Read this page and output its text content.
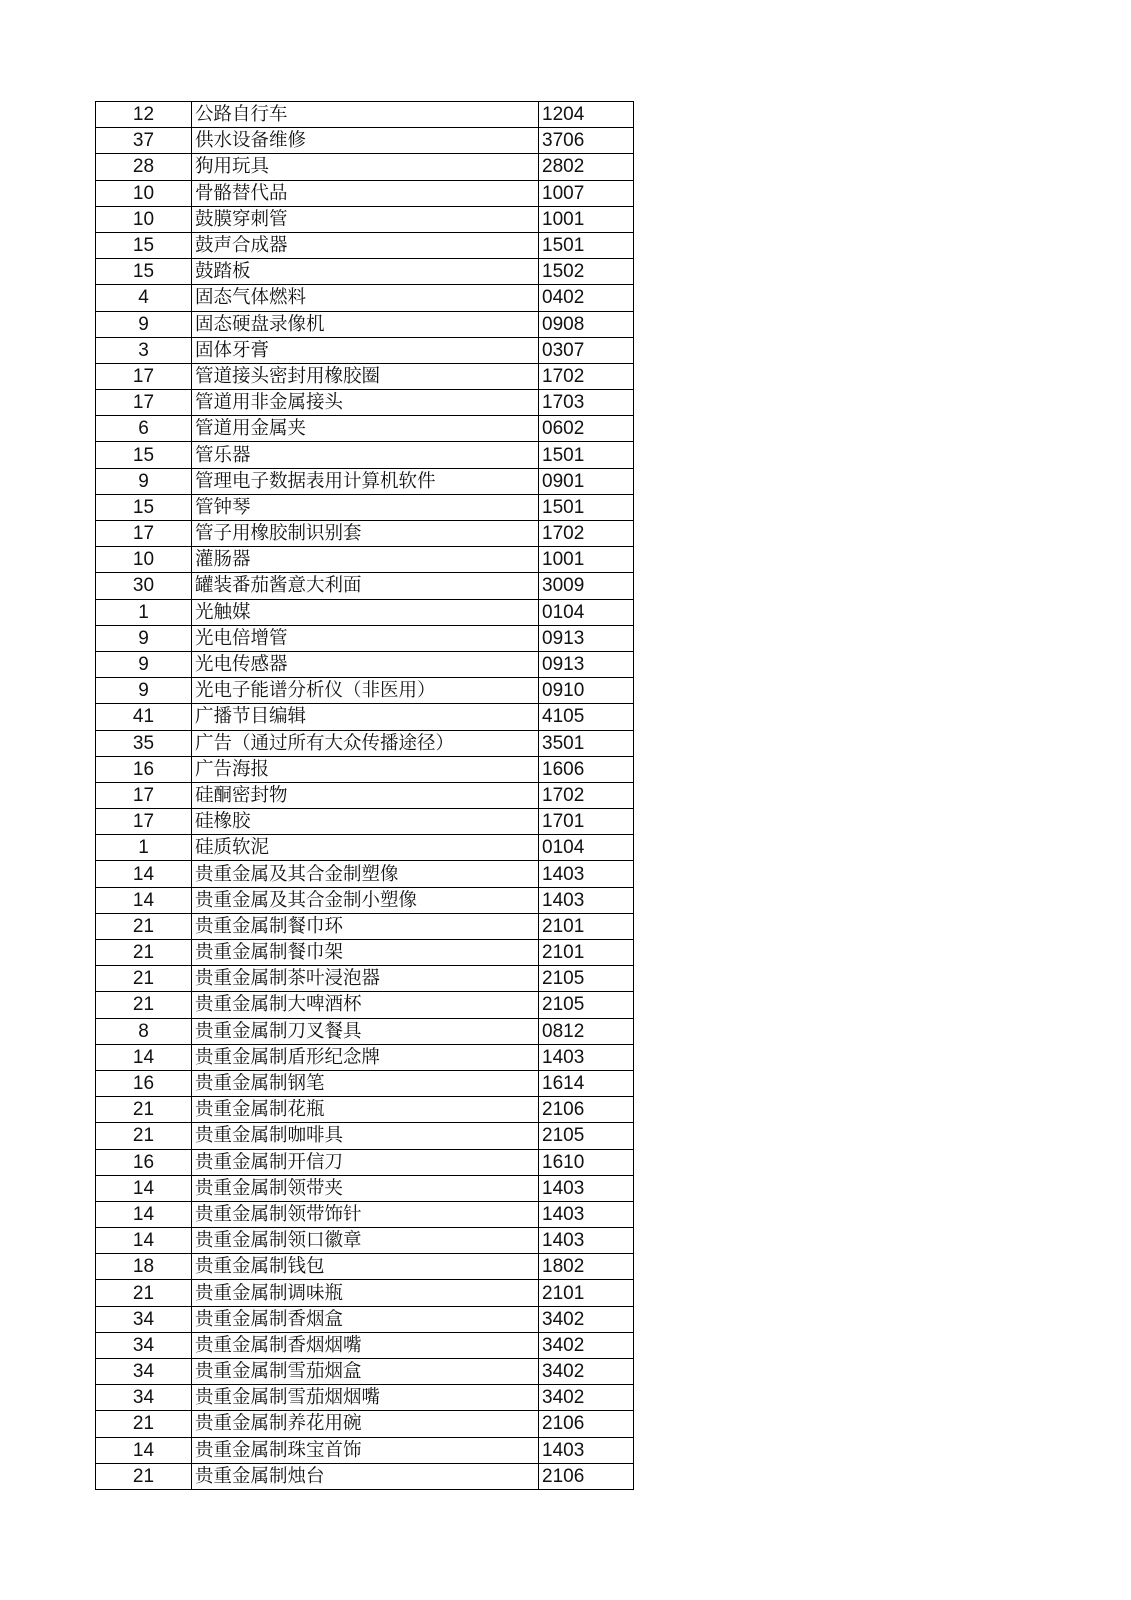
12	公路自行车	1204
37	供水设备维修	3706
28	狗用玩具	2802
10	骨骼替代品	1007
10	鼓膜穿刺管	1001
15	鼓声合成器	1501
15	鼓踏板	1502
4	固态气体燃料	0402
9	固态硬盘录像机	0908
3	固体牙膏	0307
17	管道接头密封用橡胶圈	1702
17	管道用非金属接头	1703
6	管道用金属夹	0602
15	管乐器	1501
9	管理电子数据表用计算机软件	0901
15	管钟琴	1501
17	管子用橡胶制识别套	1702
10	灌肠器	1001
30	罐装番茄酱意大利面	3009
1	光触媒	0104
9	光电倍增管	0913
9	光电传感器	0913
9	光电子能谱分析仪（非医用）	0910
41	广播节目编辑	4105
35	广告（通过所有大众传播途径）	3501
16	广告海报	1606
17	硅酮密封物	1702
17	硅橡胶	1701
1	硅质软泥	0104
14	贵重金属及其合金制塑像	1403
14	贵重金属及其合金制小塑像	1403
21	贵重金属制餐巾环	2101
21	贵重金属制餐巾架	2101
21	贵重金属制茶叶浸泡器	2105
21	贵重金属制大啤酒杯	2105
8	贵重金属制刀叉餐具	0812
14	贵重金属制盾形纪念牌	1403
16	贵重金属制钢笔	1614
21	贵重金属制花瓶	2106
21	贵重金属制咖啡具	2105
16	贵重金属制开信刀	1610
14	贵重金属制领带夹	1403
14	贵重金属制领带饰针	1403
14	贵重金属制领口徽章	1403
18	贵重金属制钱包	1802
21	贵重金属制调味瓶	2101
34	贵重金属制香烟盒	3402
34	贵重金属制香烟烟嘴	3402
34	贵重金属制雪茄烟盒	3402
34	贵重金属制雪茄烟烟嘴	3402
21	贵重金属制养花用碗	2106
14	贵重金属制珠宝首饰	1403
21	贵重金属制烛台	2106
